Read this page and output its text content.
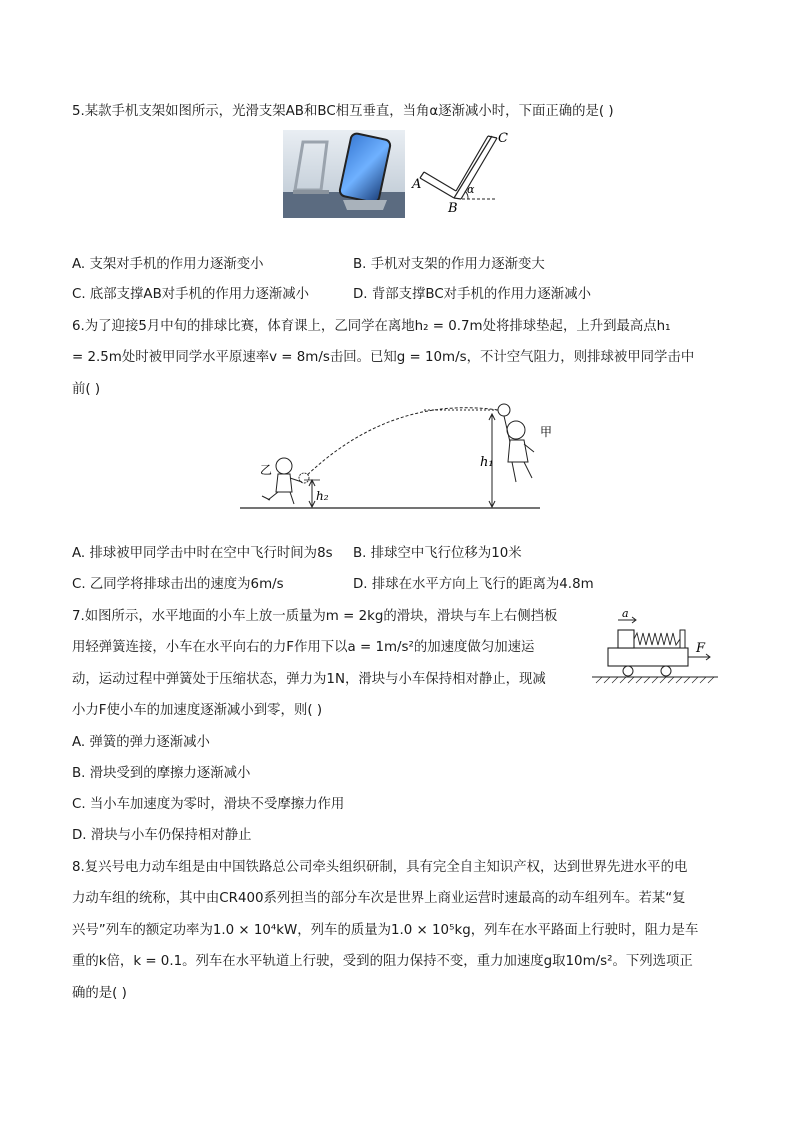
5.某款手机支架如图所示，光滑支架AB和BC相互垂直，当角α逐渐减小时，下面正确的是( )
A
B
C
α
A. 支架对手机的作用力逐渐变小	B. 手机对支架的作用力逐渐变大
C. 底部支撑AB对手机的作用力逐渐减小	D. 背部支撑BC对手机的作用力逐渐减小
6.为了迎接5月中旬的排球比赛，体育课上，乙同学在离地h₂ = 0.7m处将排球垫起，上升到最高点h₁
= 2.5m处时被甲同学水平原速率v = 8m/s击回。已知g = 10m/s，不计空气阻力，则排球被甲同学击中
前( )
h₁
h₂
乙
甲
A. 排球被甲同学击中时在空中飞行时间为8s B. 排球空中飞行位移为10米
C. 乙同学将排球击出的速度为6m/s	D. 排球在水平方向上飞行的距离为4.8m
7.如图所示，水平地面的小车上放一质量为m = 2kg的滑块，滑块与车上右侧挡板
用轻弹簧连接，小车在水平向右的力F作用下以a = 1m/s²的加速度做匀加速运
动，运动过程中弹簧处于压缩状态，弹力为1N，滑块与小车保持相对静止，现减
小力F使小车的加速度逐渐减小到零，则( )
a
F
A. 弹簧的弹力逐渐减小
B. 滑块受到的摩擦力逐渐减小
C. 当小车加速度为零时，滑块不受摩擦力作用
D. 滑块与小车仍保持相对静止
8.复兴号电力动车组是由中国铁路总公司牵头组织研制，具有完全自主知识产权，达到世界先进水平的电
力动车组的统称，其中由CR400系列担当的部分车次是世界上商业运营时速最高的动车组列车。若某“复
兴号”列车的额定功率为1.0 × 10⁴kW，列车的质量为1.0 × 10⁵kg，列车在水平路面上行驶时，阻力是车
重的k倍，k = 0.1。列车在水平轨道上行驶，受到的阻力保持不变，重力加速度g取10m/s²。下列选项正
确的是( )
